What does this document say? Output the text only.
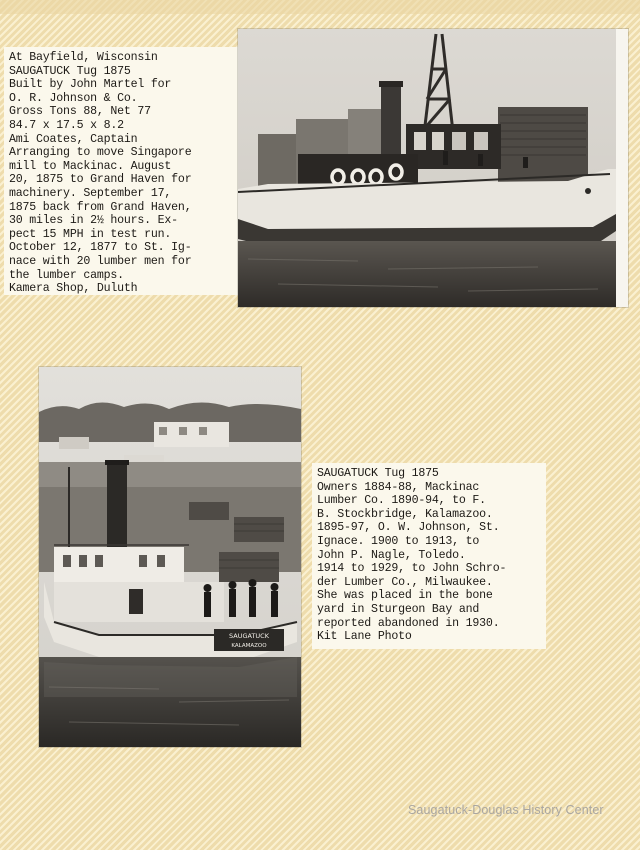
At Bayfield, Wisconsin
SAUGATUCK Tug 1875
Built by John Martel for
O. R. Johnson & Co.
Gross Tons 88, Net 77
84.7 x 17.5 x 8.2
Ami Coates, Captain
Arranging to move Singapore
mill to Mackinac. August
20, 1875 to Grand Haven for
machinery. September 17,
1875 back from Grand Haven,
30 miles in 2½ hours. Ex-
pect 15 MPH in test run.
October 12, 1877 to St. Ig-
nace with 20 lumber men for
the lumber camps.
Kamera Shop, Duluth
SAUGATUCK
KALAMAZOO
SAUGATUCK Tug 1875
Owners 1884-88, Mackinac
Lumber Co. 1890-94, to F.
B. Stockbridge, Kalamazoo.
1895-97, O. W. Johnson, St.
Ignace. 1900 to 1913, to
John P. Nagle, Toledo.
1914 to 1929, to John Schro-
der Lumber Co., Milwaukee.
She was placed in the bone
yard in Sturgeon Bay and
reported abandoned in 1930.
Kit Lane Photo
Saugatuck-Douglas History Center
